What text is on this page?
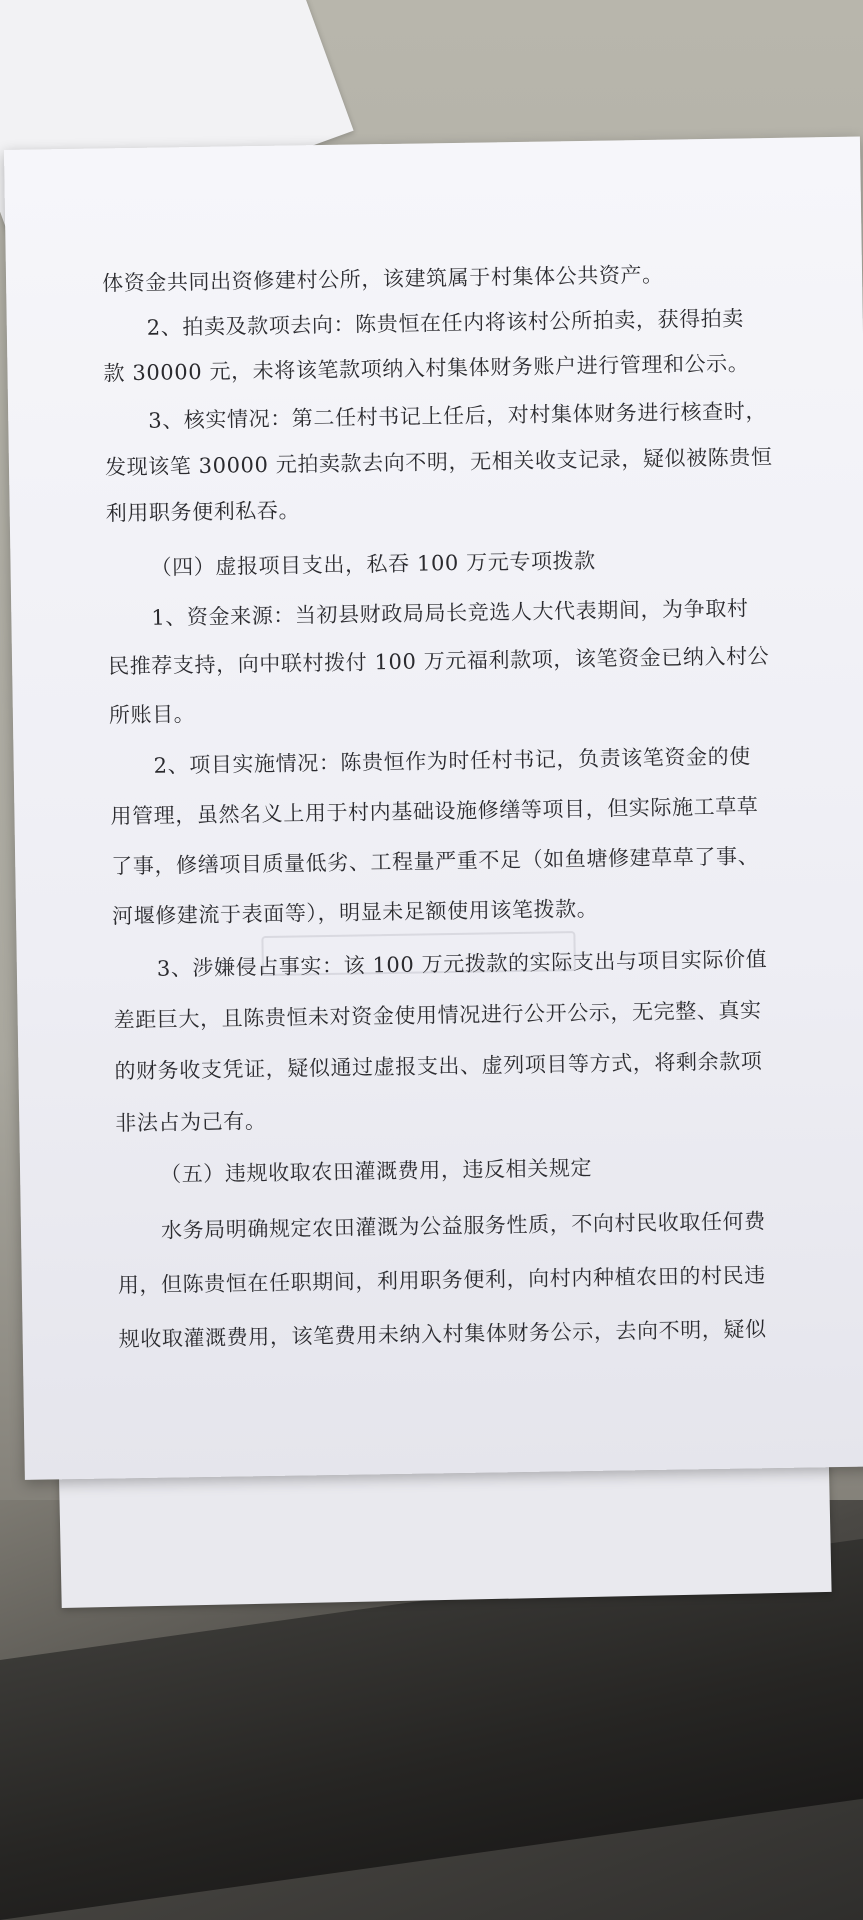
体资金共同出资修建村公所，该建筑属于村集体公共资产。
2、拍卖及款项去向：陈贵恒在任内将该村公所拍卖，获得拍卖
款 30000 元，未将该笔款项纳入村集体财务账户进行管理和公示。
3、核实情况：第二任村书记上任后，对村集体财务进行核查时，
发现该笔 30000 元拍卖款去向不明，无相关收支记录，疑似被陈贵恒
利用职务便利私吞。
（四）虚报项目支出，私吞 100 万元专项拨款
1、资金来源：当初县财政局局长竞选人大代表期间，为争取村
民推荐支持，向中联村拨付 100 万元福利款项，该笔资金已纳入村公
所账目。
2、项目实施情况：陈贵恒作为时任村书记，负责该笔资金的使
用管理，虽然名义上用于村内基础设施修缮等项目，但实际施工草草
了事，修缮项目质量低劣、工程量严重不足（如鱼塘修建草草了事、
河堰修建流于表面等），明显未足额使用该笔拨款。
3、涉嫌侵占事实：该 100 万元拨款的实际支出与项目实际价值
差距巨大，且陈贵恒未对资金使用情况进行公开公示，无完整、真实
的财务收支凭证，疑似通过虚报支出、虚列项目等方式，将剩余款项
非法占为己有。
（五）违规收取农田灌溉费用，违反相关规定
水务局明确规定农田灌溉为公益服务性质，不向村民收取任何费
用，但陈贵恒在任职期间，利用职务便利，向村内种植农田的村民违
规收取灌溉费用，该笔费用未纳入村集体财务公示，去向不明，疑似
